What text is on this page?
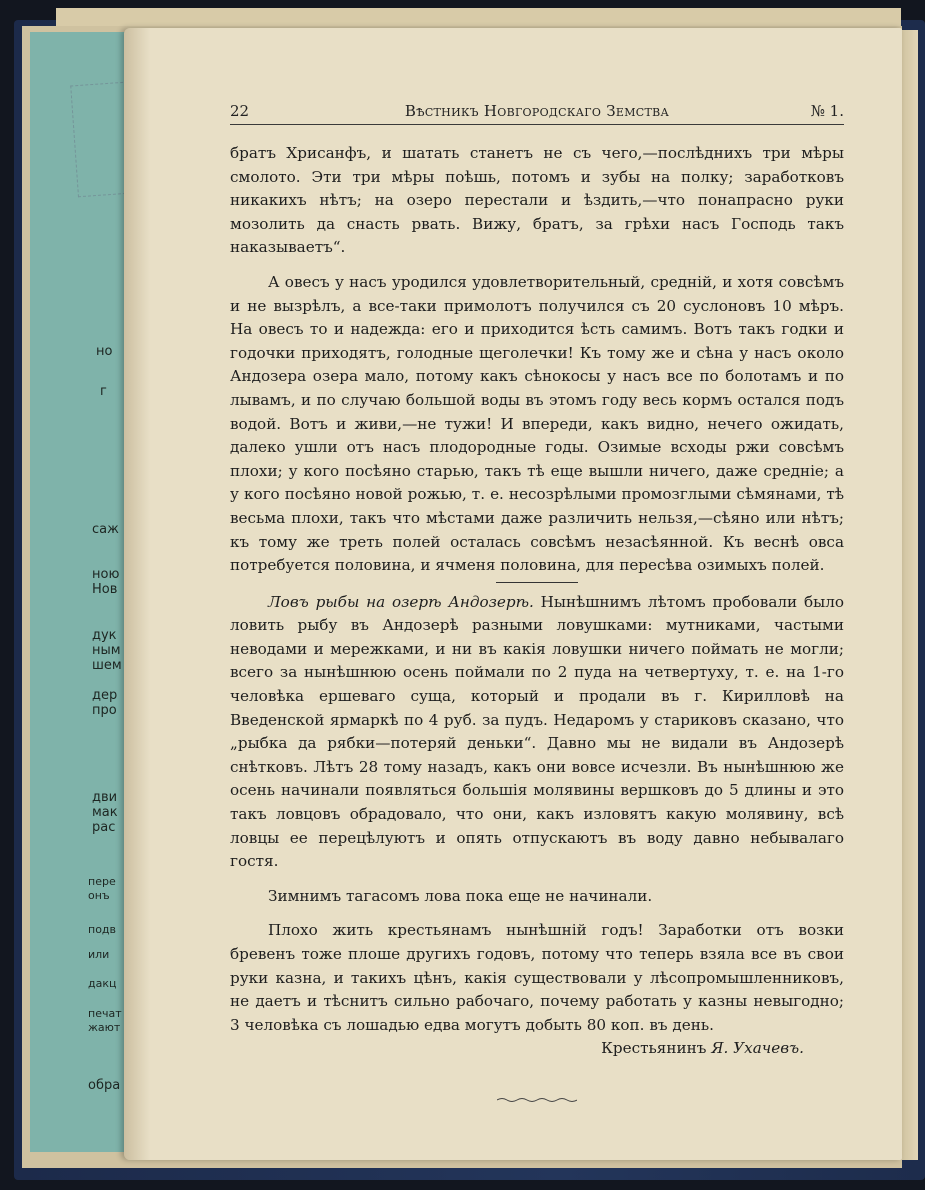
но
г
саж
ною
Нов
дук
ным
шем
дер
про
дви
мак
рас
пере
онъ
подв
или
дакц
печат
жают
обра
22	Вѣстникъ Новгородскаго Земства	№ 1.

братъ Хрисанфъ, и шатать станетъ не съ чего,—послѣднихъ три мѣры смолото. Эти три мѣры поѣшь, потомъ и зубы на полку; заработковъ никакихъ нѣтъ; на озеро перестали и ѣздить,—что понапрасно руки мозолить да снасть рвать. Вижу, братъ, за грѣхи насъ Господь такъ наказываетъ“.

А овесъ у насъ уродился удовлетворительный, средній, и хотя совсѣмъ и не вызрѣлъ, а все-таки примолотъ получился съ 20 суслоновъ 10 мѣръ. На овесъ то и надежда: его и приходится ѣсть самимъ. Вотъ такъ годки и годочки приходятъ, голодные щеголечки! Къ тому же и сѣна у насъ около Андозера озера мало, потому какъ сѣнокосы у насъ все по болотамъ и по лывамъ, и по случаю большой воды въ этомъ году весь кормъ остался подъ водой. Вотъ и живи,—не тужи! И впереди, какъ видно, нечего ожидать, далеко ушли отъ насъ плодородные годы. Озимые всходы ржи совсѣмъ плохи; у кого посѣяно старью, такъ тѣ еще вышли ничего, даже средніе; а у кого посѣяно новой рожью, т. е. несозрѣлыми промозглыми сѣмянами, тѣ весьма плохи, такъ что мѣстами даже различить нельзя,—сѣяно или нѣтъ; къ тому же треть полей осталась совсѣмъ незасѣянной. Къ веснѣ овса потребуется половина, и ячменя половина, для пересѣва озимыхъ полей.

Ловъ рыбы на озерѣ Андозерѣ. Нынѣшнимъ лѣтомъ пробовали было ловить рыбу въ Андозерѣ разными ловушками: мутниками, частыми неводами и мережками, и ни въ какія ловушки ничего поймать не могли; всего за нынѣшнюю осень поймали по 2 пуда на четвертуху, т. е. на 1-го человѣка ершеваго суща, который и продали въ г. Кирилловѣ на Введенской ярмаркѣ по 4 руб. за пудъ. Недаромъ у стариковъ сказано, что „рыбка да рябки—потеряй деньки“. Давно мы не видали въ Андозерѣ снѣтковъ. Лѣтъ 28 тому назадъ, какъ они вовсе исчезли. Въ нынѣшнюю же осень начинали появляться большія молявины вершковъ до 5 длины и это такъ ловцовъ обрадовало, что они, какъ изловятъ какую молявину, всѣ ловцы ее перецѣлуютъ и опять отпускаютъ въ воду давно небывалаго гостя.

Зимнимъ тагасомъ лова пока еще не начинали.

Плохо жить крестьянамъ нынѣшній годъ! Заработки отъ возки бревенъ тоже плоше другихъ годовъ, потому что теперь взяла все въ свои руки казна, и такихъ цѣнъ, какія существовали у лѣсопромышленниковъ, не даетъ и тѣснитъ сильно рабочаго, почему работать у казны невыгодно; 3 человѣка съ лошадью едва могутъ добыть 80 коп. въ день.

Крестьянинъ Я. Ухачевъ.
